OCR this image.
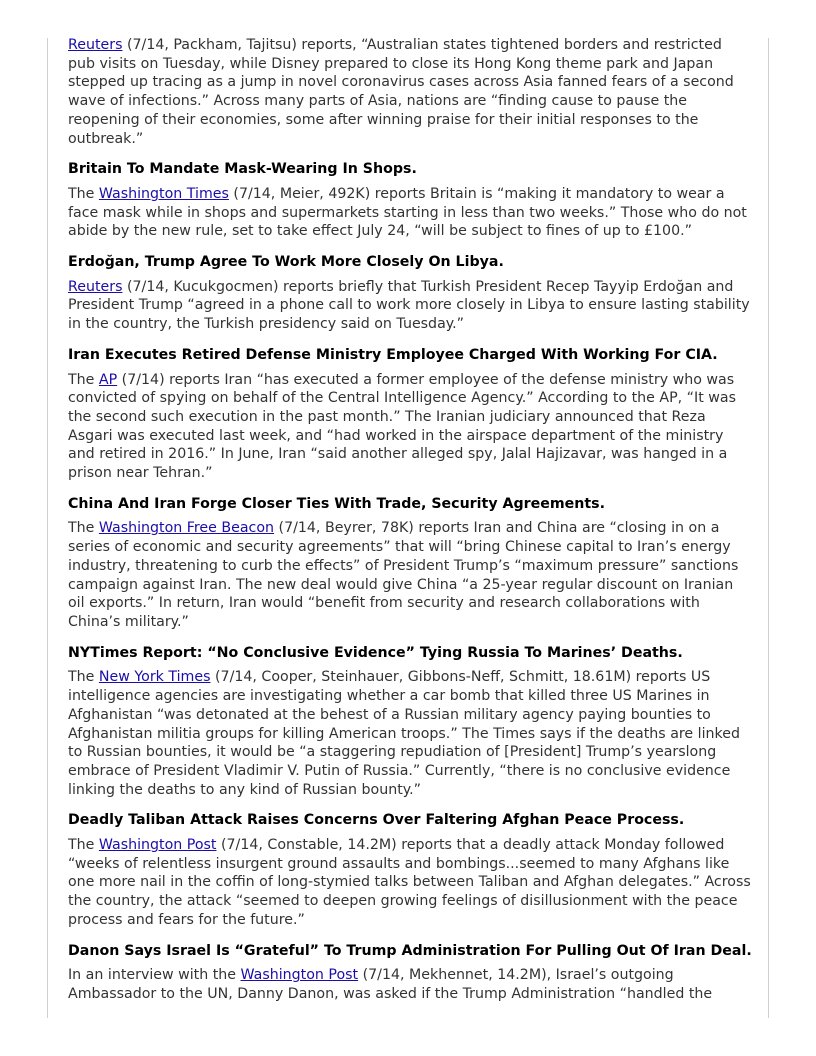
Reuters (7/14, Packham, Tajitsu) reports, “Australian states tightened borders and restricted pub visits on Tuesday, while Disney prepared to close its Hong Kong theme park and Japan stepped up tracing as a jump in novel coronavirus cases across Asia fanned fears of a second wave of infections.” Across many parts of Asia, nations are “finding cause to pause the reopening of their economies, some after winning praise for their initial responses to the outbreak.”

Britain To Mandate Mask-Wearing In Shops.

The Washington Times (7/14, Meier, 492K) reports Britain is “making it mandatory to wear a face mask while in shops and supermarkets starting in less than two weeks.” Those who do not abide by the new rule, set to take effect July 24, “will be subject to fines of up to £100.”

Erdoğan, Trump Agree To Work More Closely On Libya.

Reuters (7/14, Kucukgocmen) reports briefly that Turkish President Recep Tayyip Erdoğan and President Trump “agreed in a phone call to work more closely in Libya to ensure lasting stability in the country, the Turkish presidency said on Tuesday.”

Iran Executes Retired Defense Ministry Employee Charged With Working For CIA.

The AP (7/14) reports Iran “has executed a former employee of the defense ministry who was convicted of spying on behalf of the Central Intelligence Agency.” According to the AP, “It was the second such execution in the past month.” The Iranian judiciary announced that Reza Asgari was executed last week, and “had worked in the airspace department of the ministry and retired in 2016.” In June, Iran “said another alleged spy, Jalal Hajizavar, was hanged in a prison near Tehran.”

China And Iran Forge Closer Ties With Trade, Security Agreements.

The Washington Free Beacon (7/14, Beyrer, 78K) reports Iran and China are “closing in on a series of economic and security agreements” that will “bring Chinese capital to Iran’s energy industry, threatening to curb the effects” of President Trump’s “maximum pressure” sanctions campaign against Iran. The new deal would give China “a 25-year regular discount on Iranian oil exports.” In return, Iran would “benefit from security and research collaborations with China’s military.”

NYTimes Report: “No Conclusive Evidence” Tying Russia To Marines’ Deaths.

The New York Times (7/14, Cooper, Steinhauer, Gibbons-Neff, Schmitt, 18.61M) reports US intelligence agencies are investigating whether a car bomb that killed three US Marines in Afghanistan “was detonated at the behest of a Russian military agency paying bounties to Afghanistan militia groups for killing American troops.” The Times says if the deaths are linked to Russian bounties, it would be “a staggering repudiation of [President] Trump’s yearslong embrace of President Vladimir V. Putin of Russia.” Currently, “there is no conclusive evidence linking the deaths to any kind of Russian bounty.”

Deadly Taliban Attack Raises Concerns Over Faltering Afghan Peace Process.

The Washington Post (7/14, Constable, 14.2M) reports that a deadly attack Monday followed “weeks of relentless insurgent ground assaults and bombings...seemed to many Afghans like one more nail in the coffin of long-stymied talks between Taliban and Afghan delegates.” Across the country, the attack “seemed to deepen growing feelings of disillusionment with the peace process and fears for the future.”

Danon Says Israel Is “Grateful” To Trump Administration For Pulling Out Of Iran Deal.

In an interview with the Washington Post (7/14, Mekhennet, 14.2M), Israel’s outgoing Ambassador to the UN, Danny Danon, was asked if the Trump Administration “handled the
